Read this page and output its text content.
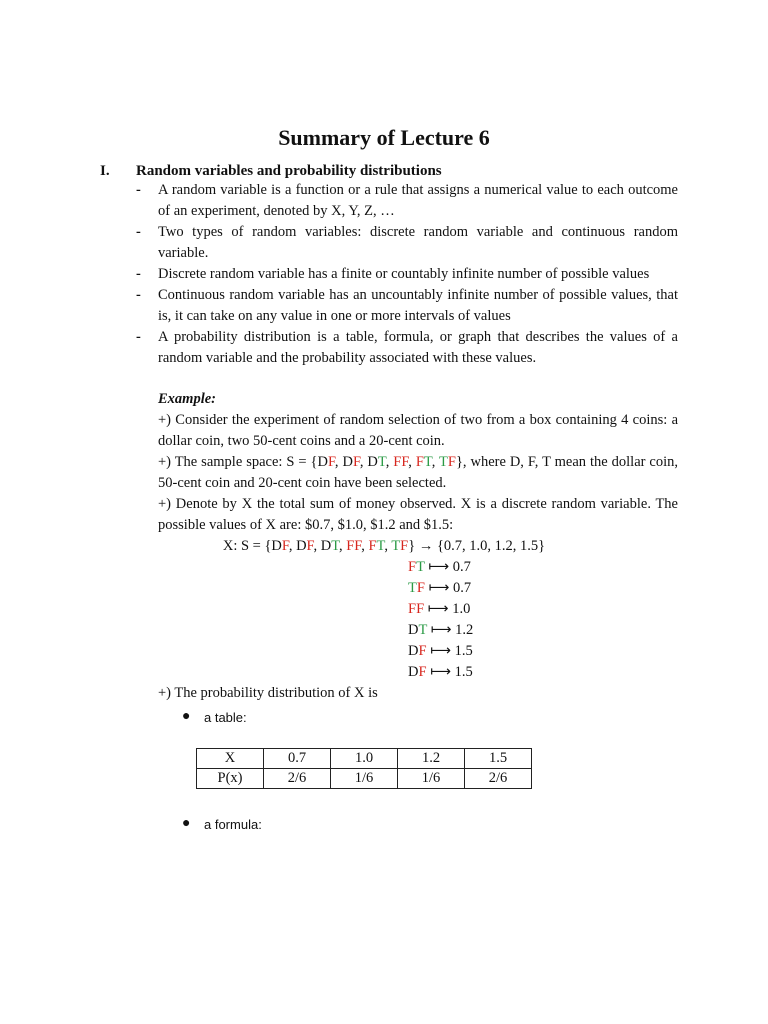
Summary of Lecture 6
I. Random variables and probability distributions
- A random variable is a function or a rule that assigns a numerical value to each outcome of an experiment, denoted by X, Y, Z, …
- Two types of random variables: discrete random variable and continuous random variable.
- Discrete random variable has a finite or countably infinite number of possible values
- Continuous random variable has an uncountably infinite number of possible values, that is, it can take on any value in one or more intervals of values
- A probability distribution is a table, formula, or graph that describes the values of a random variable and the probability associated with these values.
Example:
+) Consider the experiment of random selection of two from a box containing 4 coins: a dollar coin, two 50-cent coins and a 20-cent coin.
+) The sample space: S = {DF, DF, DT, FF, FT, TF}, where D, F, T mean the dollar coin, 50-cent coin and 20-cent coin have been selected.
+) Denote by X the total sum of money observed. X is a discrete random variable. The possible values of X are: $0.7, $1.0, $1.2 and $1.5:
X: S = {DF, DF, DT, FF, FT, TF} → {0.7, 1.0, 1.2, 1.5}
FT ⟼ 0.7
TF ⟼ 0.7
FF ⟼ 1.0
DT ⟼ 1.2
DF ⟼ 1.5
DF ⟼ 1.5
+) The probability distribution of X is
● a table:
X	0.7	1.0	1.2	1.5
P(x)	2/6	1/6	1/6	2/6
● a formula:
